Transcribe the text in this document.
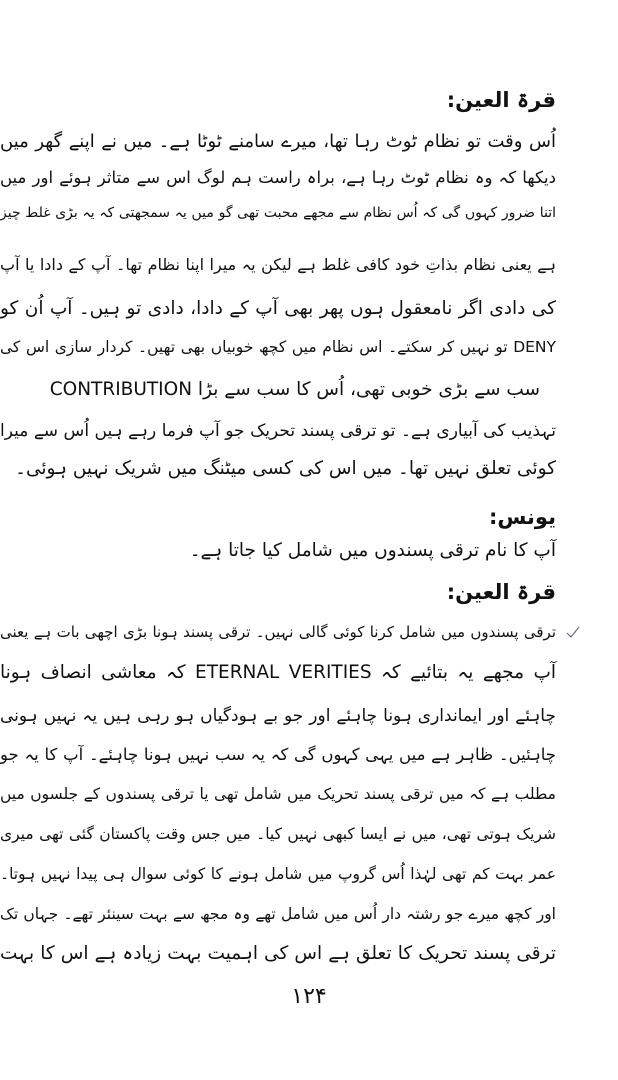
قرۃ العین:
اُس وقت تو نظام ٹوٹ رہا تھا، میرے سامنے ٹوٹا ہے۔ میں نے اپنے گھر میں
دیکھا کہ وہ نظام ٹوٹ رہا ہے، براہ راست ہم لوگ اس سے متاثر ہوئے اور میں
اتنا ضرور کہوں گی کہ اُس نظام سے مجھے محبت تھی گو میں یہ سمجھتی کہ یہ بڑی غلط چیز
ہے یعنی نظام بذاتِ خود کافی غلط ہے لیکن یہ میرا اپنا نظام تھا۔ آپ کے دادا یا آپ
کی دادی اگر نامعقول ہوں پھر بھی آپ کے دادا، دادی تو ہیں۔ آپ اُن کو
DENY تو نہیں کر سکتے۔ اس نظام میں کچھ خوبیاں بھی تھیں۔ کردار سازی اس کی
سب سے بڑی خوبی تھی، اُس کا سب سے بڑا CONTRIBUTION
تہذیب کی آبیاری ہے۔ تو ترقی پسند تحریک جو آپ فرما رہے ہیں اُس سے میرا
کوئی تعلق نہیں تھا۔ میں اس کی کسی میٹنگ میں شریک نہیں ہوئی۔
یونس:
آپ کا نام ترقی پسندوں میں شامل کیا جاتا ہے۔
قرۃ العین:
ترقی پسندوں میں شامل کرنا کوئی گالی نہیں۔ ترقی پسند ہونا بڑی اچھی بات ہے یعنی
آپ مجھے یہ بتائیے کہ ETERNAL VERITIES کہ معاشی انصاف ہونا
چاہئے اور ایمانداری ہونا چاہئے اور جو بے ہودگیاں ہو رہی ہیں یہ نہیں ہونی
چاہئیں۔ ظاہر ہے میں یہی کہوں گی کہ یہ سب نہیں ہونا چاہئے۔ آپ کا یہ جو
مطلب ہے کہ میں ترقی پسند تحریک میں شامل تھی یا ترقی پسندوں کے جلسوں میں
شریک ہوتی تھی، میں نے ایسا کبھی نہیں کیا۔ میں جس وقت پاکستان گئی تھی میری
عمر بہت کم تھی لہٰذا اُس گروپ میں شامل ہونے کا کوئی سوال ہی پیدا نہیں ہوتا۔
اور کچھ میرے جو رشتہ دار اُس میں شامل تھے وہ مجھ سے بہت سینئر تھے۔ جہاں تک
ترقی پسند تحریک کا تعلق ہے اس کی اہمیت بہت زیادہ ہے اس کا بہت
۱۲۴
